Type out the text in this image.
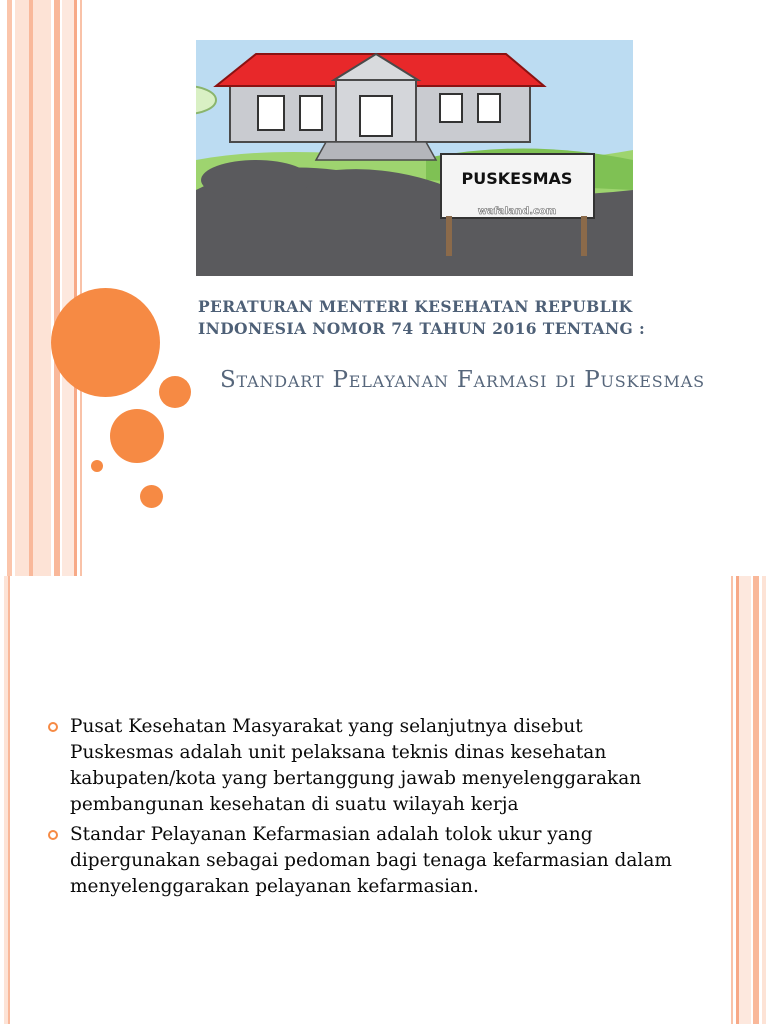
PUSKESMAS
wafaland.com
PERATURAN MENTERI KESEHATAN REPUBLIK INDONESIA NOMOR 74 TAHUN 2016 TENTANG :
Standart Pelayanan Farmasi di Puskesmas
Pusat Kesehatan Masyarakat yang selanjutnya disebut Puskesmas adalah unit pelaksana teknis dinas kesehatan kabupaten/kota yang bertanggung jawab menyelenggarakan pembangunan kesehatan di suatu wilayah kerja
Standar Pelayanan Kefarmasian adalah tolok ukur yang dipergunakan sebagai pedoman bagi tenaga kefarmasian dalam menyelenggarakan pelayanan kefarmasian.
